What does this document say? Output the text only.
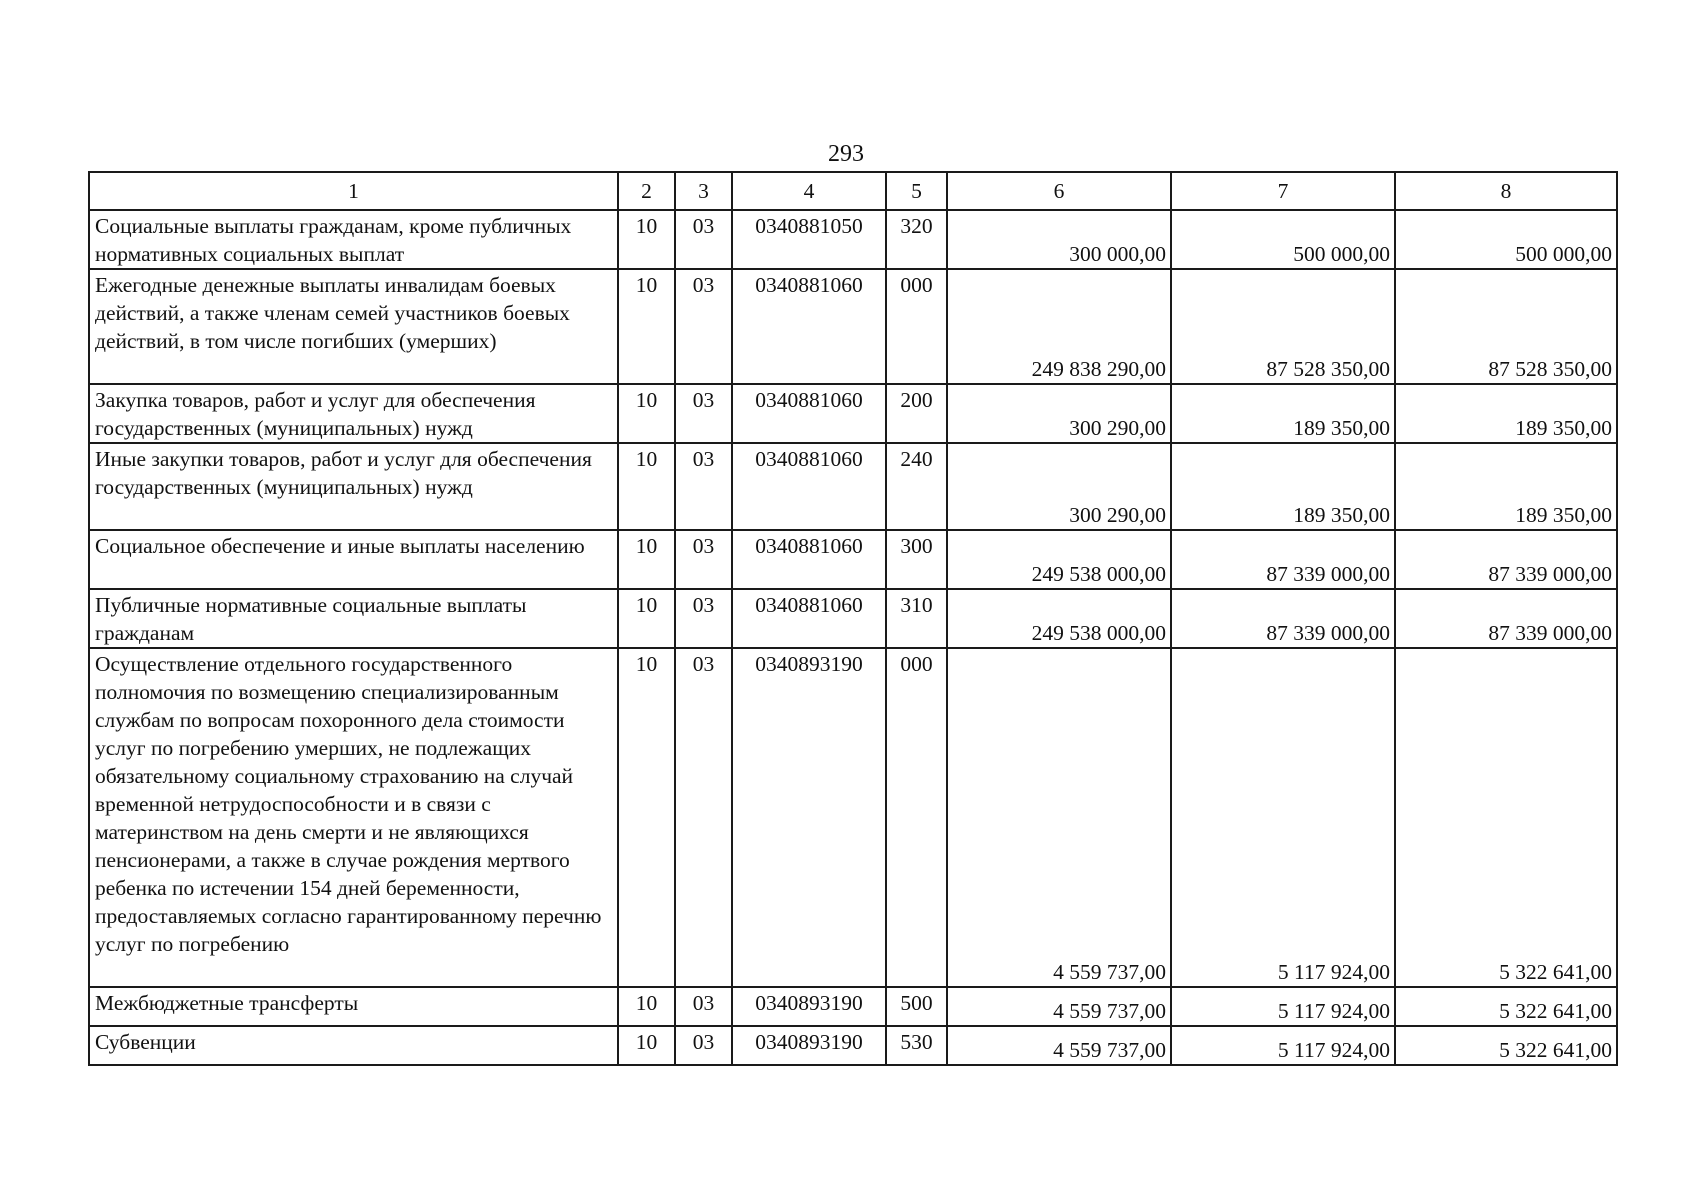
293
1	2	3	4	5	6	7	8
Социальные выплаты гражданам, кроме публичных нормативных социальных выплат	10	03	0340881050	320	300 000,00	500 000,00	500 000,00
Ежегодные денежные выплаты инвалидам боевых действий, а также членам семей участников боевых действий, в том числе погибших (умерших)	10	03	0340881060	000	249 838 290,00	87 528 350,00	87 528 350,00
Закупка товаров, работ и услуг для обеспечения государственных (муниципальных) нужд	10	03	0340881060	200	300 290,00	189 350,00	189 350,00
Иные закупки товаров, работ и услуг для обеспечения государственных (муниципальных) нужд	10	03	0340881060	240	300 290,00	189 350,00	189 350,00
Социальное обеспечение и иные выплаты населению	10	03	0340881060	300	249 538 000,00	87 339 000,00	87 339 000,00
Публичные нормативные социальные выплаты гражданам	10	03	0340881060	310	249 538 000,00	87 339 000,00	87 339 000,00
Осуществление отдельного государственного полномочия по возмещению специализированным службам по вопросам похоронного дела стоимости услуг по погребению умерших, не подлежащих обязательному социальному страхованию на случай временной нетрудоспособности и в связи с материнством на день смерти и не являющихся пенсионерами, а также в случае рождения мертвого ребенка по истечении 154 дней беременности, предоставляемых согласно гарантированному перечню услуг по погребению	10	03	0340893190	000	4 559 737,00	5 117 924,00	5 322 641,00
Межбюджетные трансферты	10	03	0340893190	500	4 559 737,00	5 117 924,00	5 322 641,00
Субвенции	10	03	0340893190	530	4 559 737,00	5 117 924,00	5 322 641,00
